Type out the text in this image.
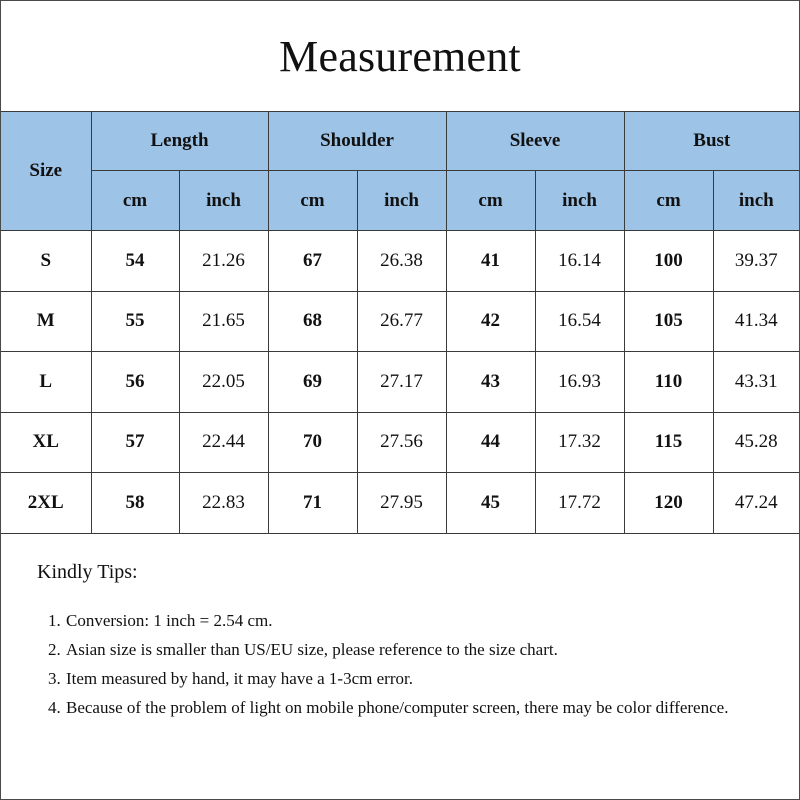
Measurement
Size	Length		Shoulder		Sleeve		Bust	
	cm	inch	cm	inch	cm	inch	cm	inch
S	54	21.26	67	26.38	41	16.14	100	39.37
M	55	21.65	68	26.77	42	16.54	105	41.34
L	56	22.05	69	27.17	43	16.93	110	43.31
XL	57	22.44	70	27.56	44	17.32	115	45.28
2XL	58	22.83	71	27.95	45	17.72	120	47.24
Kindly Tips:
1. Conversion: 1 inch = 2.54 cm.
2. Asian size is smaller than US/EU size, please reference to the size chart.
3. Item measured by hand, it may have a 1-3cm error.
4. Because of the problem of light on mobile phone/computer screen, there may be color difference.
